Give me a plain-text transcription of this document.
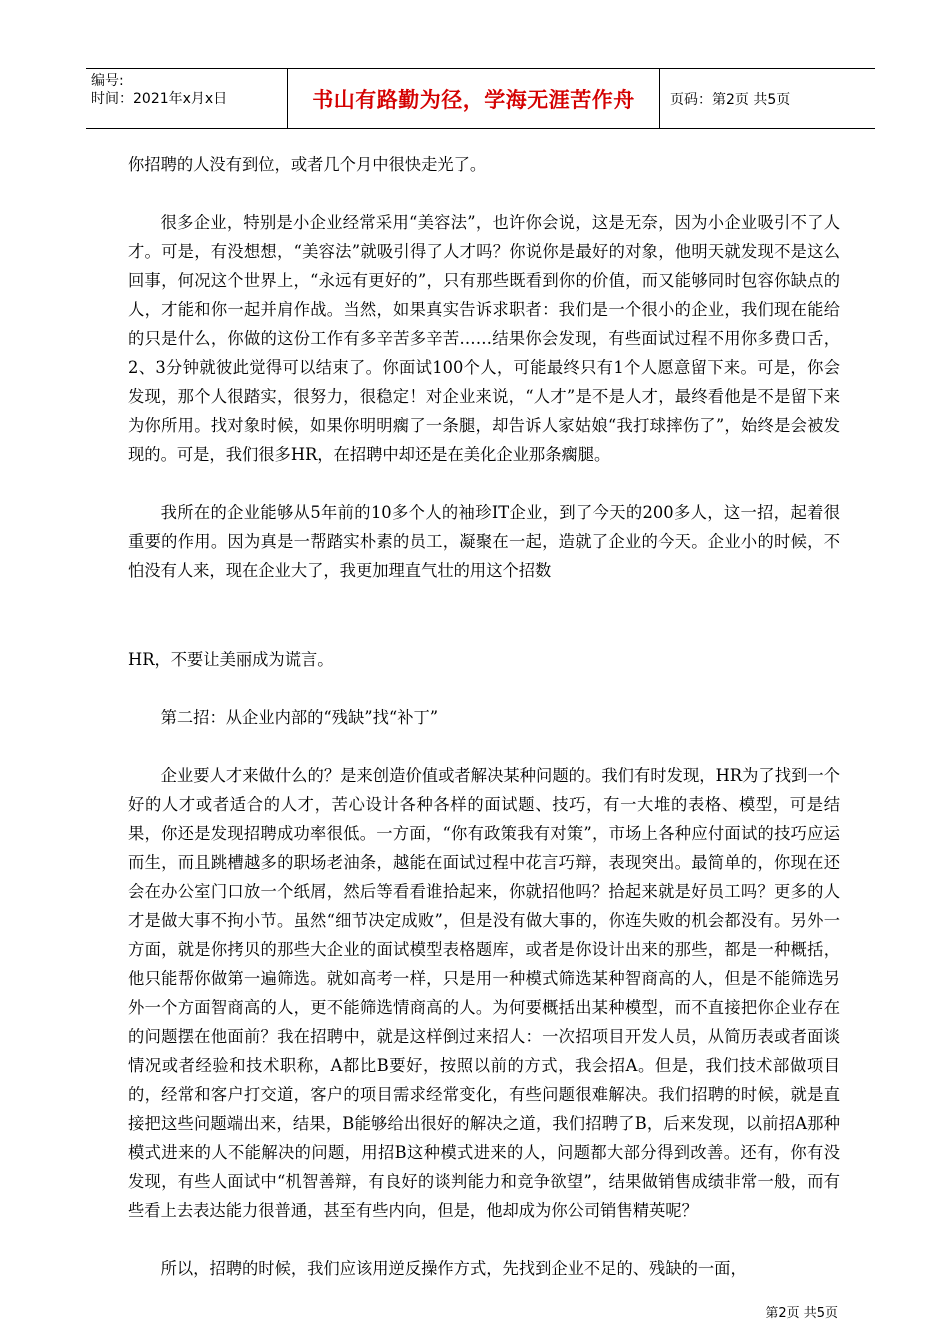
编号:
时间：2021年x月x日	书山有路勤为径，学海无涯苦作舟	页码：第2页 共5页

你招聘的人没有到位，或者几个月中很快走光了。

很多企业，特别是小企业经常采用“美容法”，也许你会说，这是无奈，因为小企业吸引不了人才。可是，有没想想，“美容法”就吸引得了人才吗？你说你是最好的对象，他明天就发现不是这么回事，何况这个世界上，“永远有更好的”，只有那些既看到你的价值，而又能够同时包容你缺点的人，才能和你一起并肩作战。当然，如果真实告诉求职者：我们是一个很小的企业，我们现在能给的只是什么，你做的这份工作有多辛苦多辛苦……结果你会发现，有些面试过程不用你多费口舌，2、3分钟就彼此觉得可以结束了。你面试100个人，可能最终只有1个人愿意留下来。可是，你会发现，那个人很踏实，很努力，很稳定！对企业来说，“人才”是不是人才，最终看他是不是留下来为你所用。找对象时候，如果你明明瘸了一条腿，却告诉人家姑娘“我打球摔伤了”，始终是会被发现的。可是，我们很多HR，在招聘中却还是在美化企业那条瘸腿。

我所在的企业能够从5年前的10多个人的袖珍IT企业，到了今天的200多人，这一招，起着很重要的作用。因为真是一帮踏实朴素的员工，凝聚在一起，造就了企业的今天。企业小的时候，不怕没有人来，现在企业大了，我更加理直气壮的用这个招数

HR，不要让美丽成为谎言。

第二招：从企业内部的“残缺”找“补丁”

企业要人才来做什么的？是来创造价值或者解决某种问题的。我们有时发现，HR为了找到一个好的人才或者适合的人才，苦心设计各种各样的面试题、技巧，有一大堆的表格、模型，可是结果，你还是发现招聘成功率很低。一方面，“你有政策我有对策”，市场上各种应付面试的技巧应运而生，而且跳槽越多的职场老油条，越能在面试过程中花言巧辩，表现突出。最简单的，你现在还会在办公室门口放一个纸屑，然后等看看谁拾起来，你就招他吗？拾起来就是好员工吗？更多的人才是做大事不拘小节。虽然“细节决定成败”，但是没有做大事的，你连失败的机会都没有。另外一方面，就是你拷贝的那些大企业的面试模型表格题库，或者是你设计出来的那些，都是一种概括，他只能帮你做第一遍筛选。就如高考一样，只是用一种模式筛选某种智商高的人，但是不能筛选另外一个方面智商高的人，更不能筛选情商高的人。为何要概括出某种模型，而不直接把你企业存在的问题摆在他面前？我在招聘中，就是这样倒过来招人：一次招项目开发人员，从简历表或者面谈情况或者经验和技术职称，A都比B要好，按照以前的方式，我会招A。但是，我们技术部做项目的，经常和客户打交道，客户的项目需求经常变化，有些问题很难解决。我们招聘的时候，就是直接把这些问题端出来，结果，B能够给出很好的解决之道，我们招聘了B，后来发现，以前招A那种模式进来的人不能解决的问题，用招B这种模式进来的人，问题都大部分得到改善。还有，你有没发现，有些人面试中“机智善辩，有良好的谈判能力和竞争欲望”，结果做销售成绩非常一般，而有些看上去表达能力很普通，甚至有些内向，但是，他却成为你公司销售精英呢？

所以，招聘的时候，我们应该用逆反操作方式，先找到企业不足的、残缺的一面，

第2页 共5页
